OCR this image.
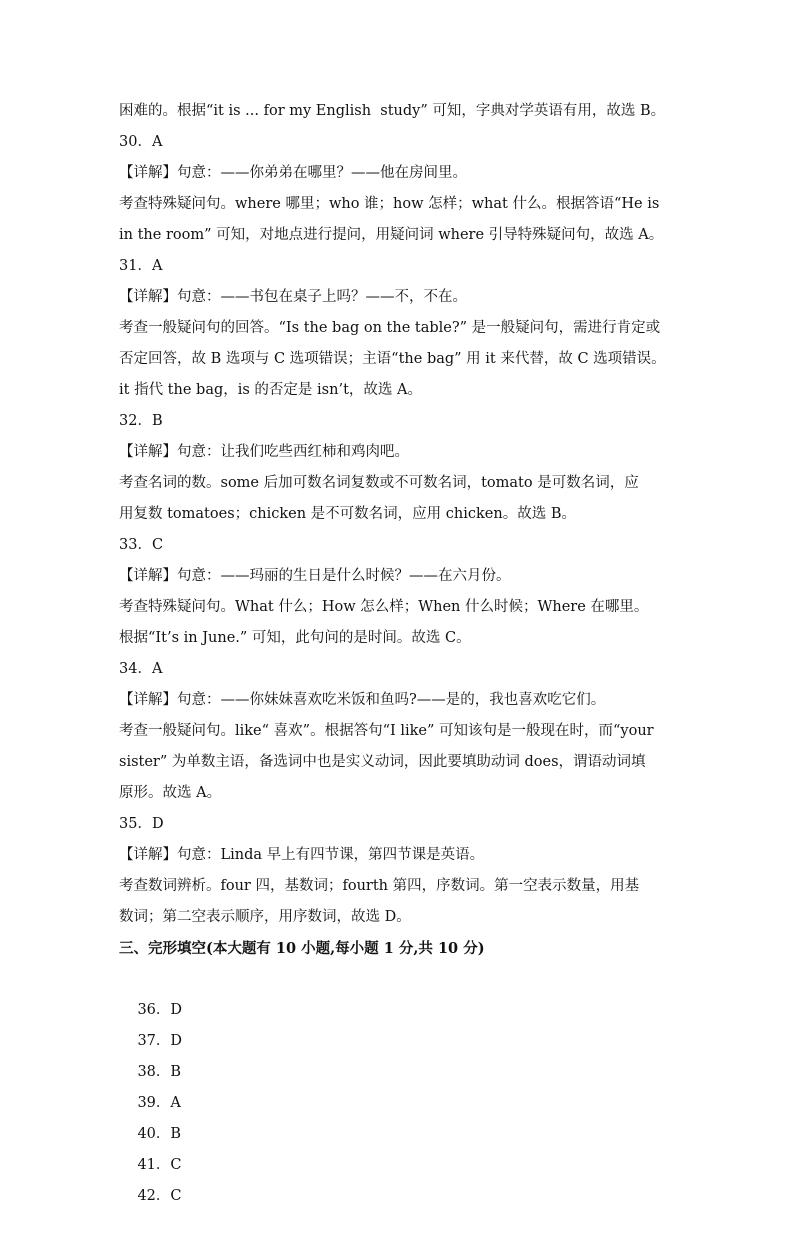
困难的。根据“it is ... for my English  study” 可知，字典对学英语有用，故选 B。
30．A
【详解】句意：——你弟弟在哪里？——他在房间里。
考查特殊疑问句。where 哪里；who 谁；how 怎样；what 什么。根据答语“He is
in the room” 可知，对地点进行提问，用疑问词 where 引导特殊疑问句，故选 A。
31．A
【详解】句意：——书包在桌子上吗？——不，不在。
考查一般疑问句的回答。“Is the bag on the table?” 是一般疑问句，需进行肯定或
否定回答，故 B 选项与 C 选项错误；主语“the bag” 用 it 来代替，故 C 选项错误。
it 指代 the bag，is 的否定是 isn’t，故选 A。
32．B
【详解】句意：让我们吃些西红柿和鸡肉吧。
考查名词的数。some 后加可数名词复数或不可数名词，tomato 是可数名词，应
用复数 tomatoes；chicken 是不可数名词，应用 chicken。故选 B。
33．C
【详解】句意：——玛丽的生日是什么时候？——在六月份。
考查特殊疑问句。What 什么；How 怎么样；When 什么时候；Where 在哪里。
根据“It’s in June.” 可知，此句问的是时间。故选 C。
34．A
【详解】句意：——你妹妹喜欢吃米饭和鱼吗?——是的，我也喜欢吃它们。
考查一般疑问句。like“ 喜欢”。根据答句“I like” 可知该句是一般现在时，而“your
sister” 为单数主语，备选词中也是实义动词，因此要填助动词 does，谓语动词填
原形。故选 A。
35．D
【详解】句意：Linda 早上有四节课，第四节课是英语。
考查数词辨析。four 四，基数词；fourth 第四，序数词。第一空表示数量，用基
数词；第二空表示顺序，用序数词，故选 D。
三、完形填空(本大题有 10 小题,每小题 1 分,共 10 分)

36．D
37．D
38．B
39．A
40．B
41．C
42．C
